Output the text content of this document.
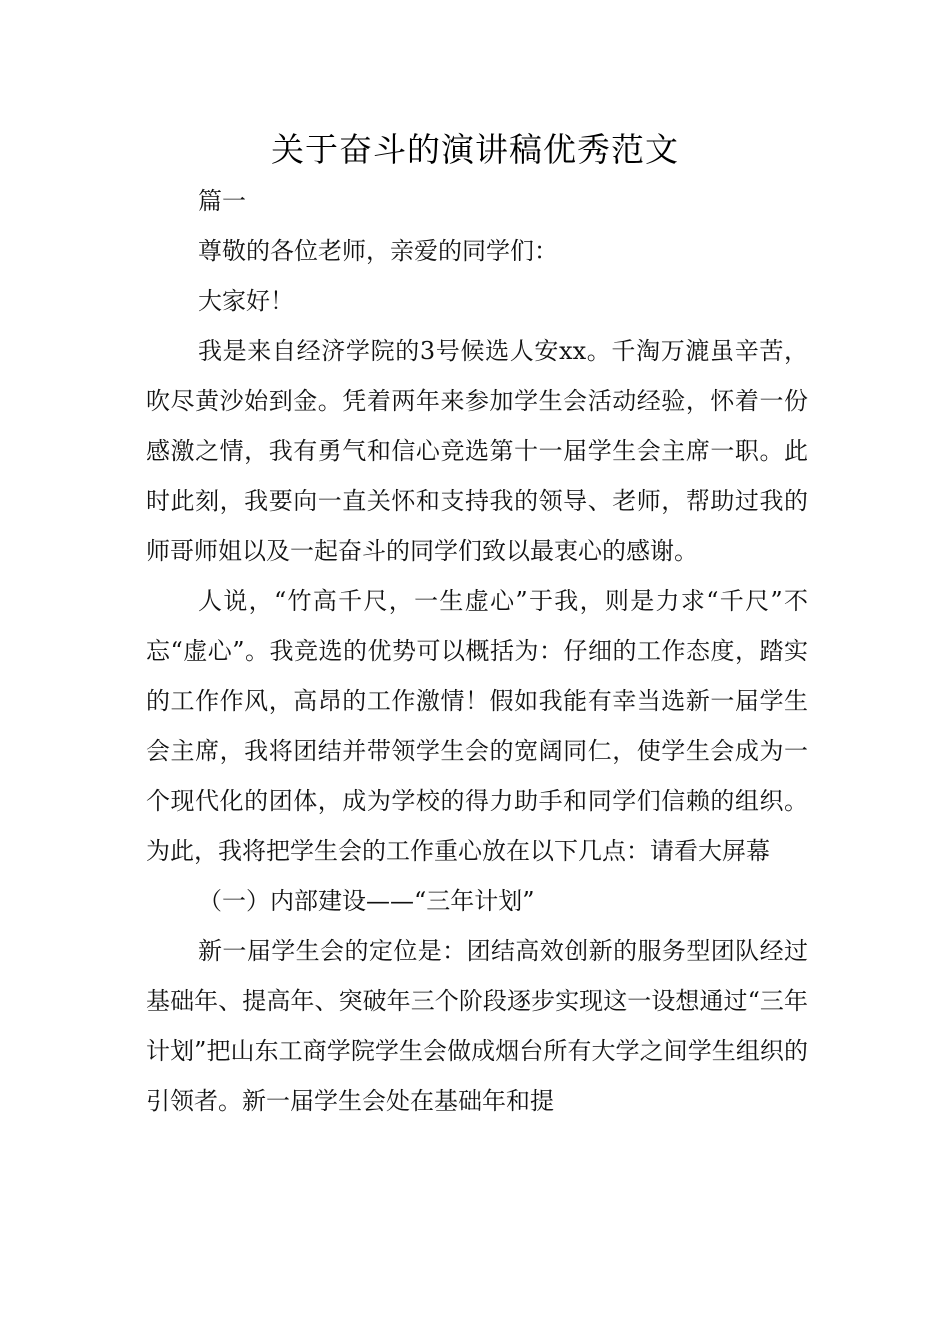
关于奋斗的演讲稿优秀范文

篇一

尊敬的各位老师，亲爱的同学们：

大家好！

我是来自经济学院的3号候选人安xx。千淘万漉虽辛苦，吹尽黄沙始到金。凭着两年来参加学生会活动经验，怀着一份感激之情，我有勇气和信心竞选第十一届学生会主席一职。此时此刻，我要向一直关怀和支持我的领导、老师，帮助过我的师哥师姐以及一起奋斗的同学们致以最衷心的感谢。

人说，“竹高千尺，一生虚心”于我，则是力求“千尺”不忘“虚心”。我竞选的优势可以概括为：仔细的工作态度，踏实的工作作风，高昂的工作激情！假如我能有幸当选新一届学生会主席，我将团结并带领学生会的宽阔同仁，使学生会成为一个现代化的团体，成为学校的得力助手和同学们信赖的组织。为此，我将把学生会的工作重心放在以下几点：请看大屏幕

（一）内部建设——“三年计划”

新一届学生会的定位是：团结高效创新的服务型团队经过基础年、提高年、突破年三个阶段逐步实现这一设想通过“三年计划”把山东工商学院学生会做成烟台所有大学之间学生组织的引领者。新一届学生会处在基础年和提
